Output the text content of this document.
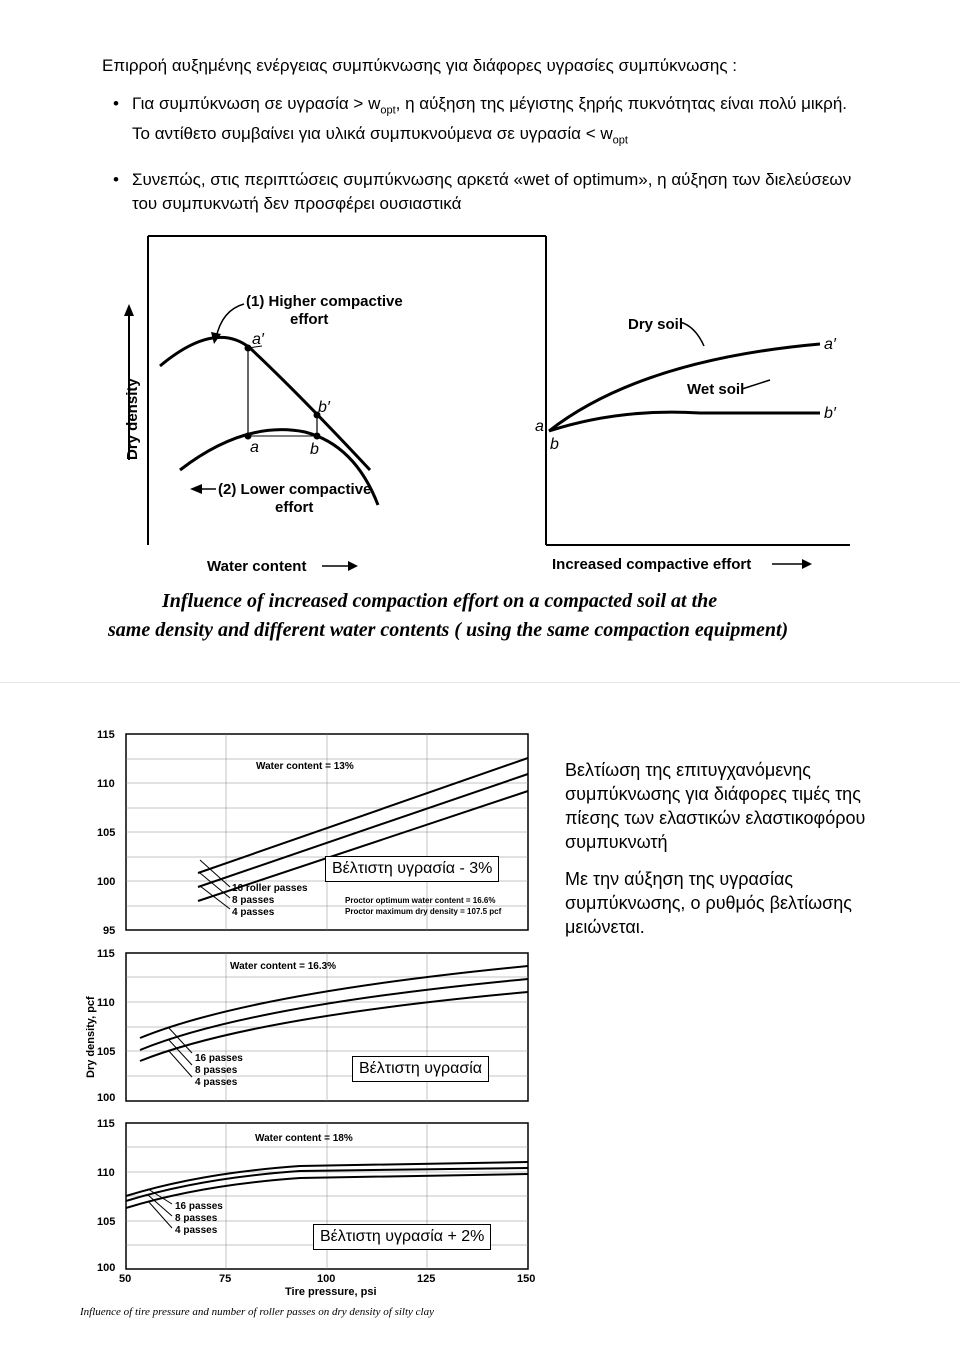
Επιρροή αυξημένης ενέργειας συμπύκνωσης για διάφορες υγρασίες συμπύκνωσης :
• Για συμπύκνωση σε $\upsilon\gamma\rho\alpha\sigma ί\alpha > w_{opt}$, η αύξηση της μέγιστης ξηρής πυκνότητας είναι πολύ μικρή. Το αντίθετο συμβαίνει για υλικά συμπυκνούμενα σε $\upsilon\gamma\rho\alpha\sigma ί\alpha < w_{opt}$
• Συνεπώς, στις περιπτώσεις συμπύκνωσης αρκετά «wet of optimum», η αύξηση των διελεύσεων του συμπυκνωτή δεν προσφέρει ουσιαστικά
Dry density
a′
b′
a	b
(1) Higher compactive
effort
(2) Lower compactive
effort
Water content	Increased compactive effort
Dry soil
Wet soil
a
b
a′
b′
Influence of increased compaction effort on a compacted soil at the
same density and different water contents ( using the same compaction equipment)
115
110
105
100
95
115
110
105
100
115
110
105
100
50	75	100	125	150
Tire pressure, psi
Dry density, pcf
Water content = 13%
16 roller passes
8 passes
4 passes
Proctor optimum water content = 16.6%
Proctor maximum dry density = 107.5 pcf
Water content = 16.3%
16 passes
8 passes
4 passes
Water content = 18%
16 passes
8 passes
4 passes
Influence of tire pressure and number of roller passes on dry density of silty clay
Βέλτιστη υγρασία - 3%
Βέλτιστη υγρασία
Βέλτιστη υγρασία + 2%
Βελτίωση της επιτυγχανόμενης συμπύκνωσης για διάφορες τιμές της πίεσης των ελαστικών ελαστικοφόρου συμπυκνωτή
Με την αύξηση της υγρασίας συμπύκνωσης, ο ρυθμός βελτίωσης μειώνεται.
